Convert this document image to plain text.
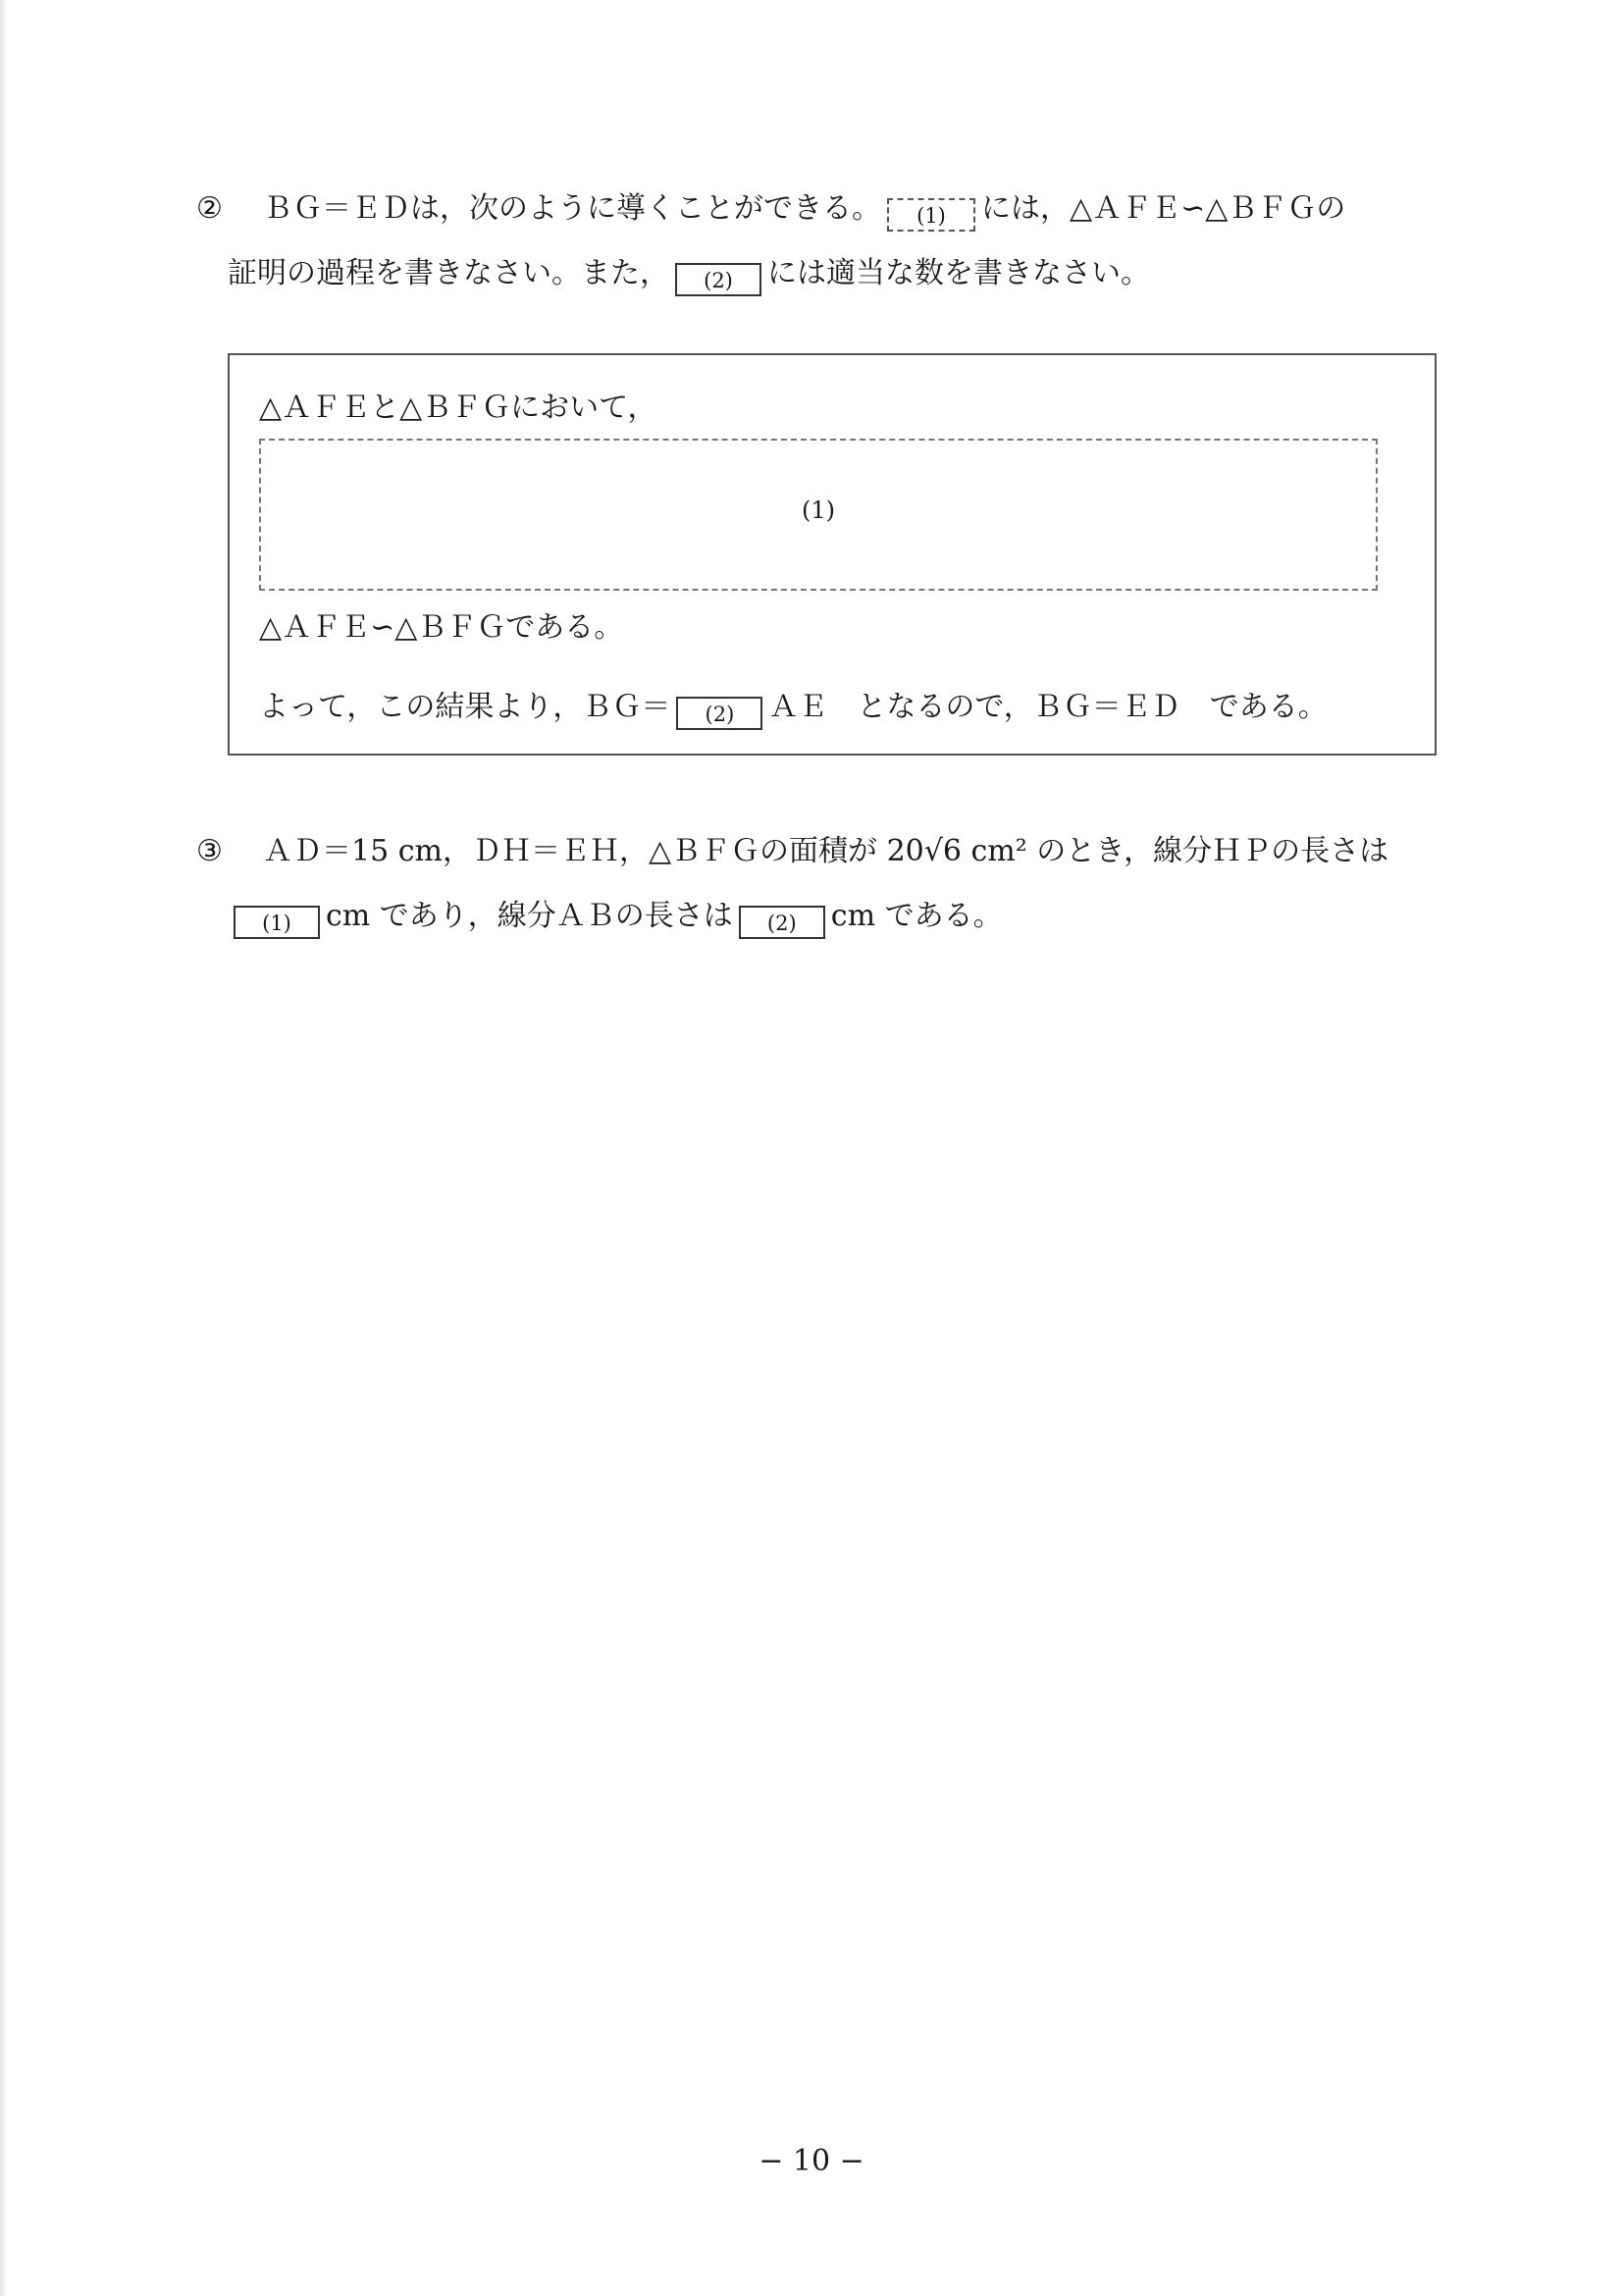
② ＢＧ＝ＥＤは，次のように導くことができる。 (1) には，△ＡＦＥ∽△ＢＦＧの
証明の過程を書きなさい。また， (2) には適当な数を書きなさい。
△ＡＦＥと△ＢＦＧにおいて，
(1)
△ＡＦＥ∽△ＢＦＧである。
よって，この結果より，ＢＧ＝ (2) ＡＥ　となるので，ＢＧ＝ＥＤ　である。
③ ＡＤ＝15 cm，ＤＨ＝ＥＨ，△ＢＦＧの面積が 20√6 cm² のとき，線分ＨＰの長さは
(1) cm であり，線分ＡＢの長さは (2) cm である。
− 10 −
